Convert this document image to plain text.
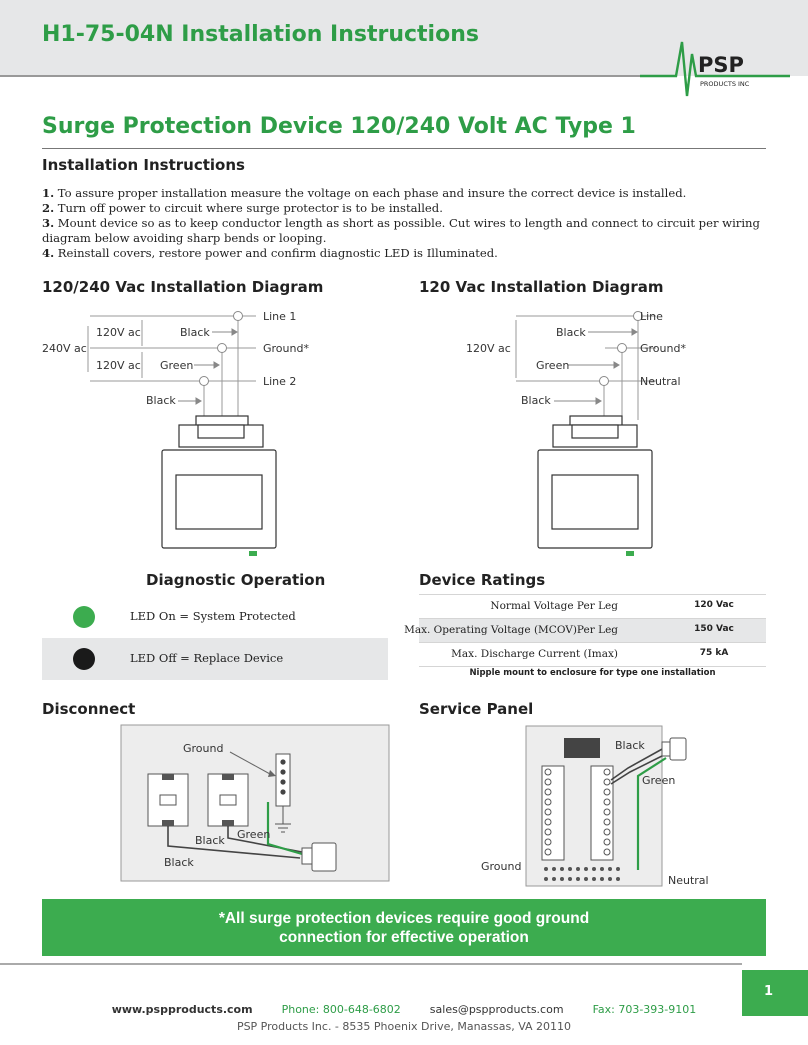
H1-75-04N Installation Instructions
PSP
PRODUCTS INC
Surge Protection Device 120/240 Volt AC Type 1
Installation Instructions

1. To assure proper installation measure the voltage on each phase and insure the correct device is installed.

2. Turn off power to circuit where surge protector is to be installed.

3. Mount device so as to keep conductor length as short as possible. Cut wires to length and connect to circuit per wiring diagram below avoiding sharp bends or looping.

4. Reinstall covers, restore power and confirm diagnostic LED is Illuminated.

120/240 Vac Installation Diagram	120 Vac Installation Diagram
Line 1
Ground*
Line 2
120V ac
120V ac
240V ac
Black
Green
Black
Line
Ground*
Neutral
120V ac
Black
Green
Black
Diagnostic Operation
LED On = System Protected
LED Off = Replace Device
Device Ratings
Normal Voltage Per Leg	120 Vac
Max. Operating Voltage (MCOV)Per Leg	150 Vac
Max. Discharge Current (Imax)	75 kA
Nipple mount to enclosure for type one installation
Disconnect
Ground
Green
Black
Black
Service Panel
Black
Green
Ground
Neutral
*All surge protection devices require good ground
connection for effective operation
1
www.pspproducts.com	Phone: 800-648-6802	sales@pspproducts.com	Fax: 703-393-9101
PSP Products Inc. - 8535 Phoenix Drive, Manassas, VA 20110
